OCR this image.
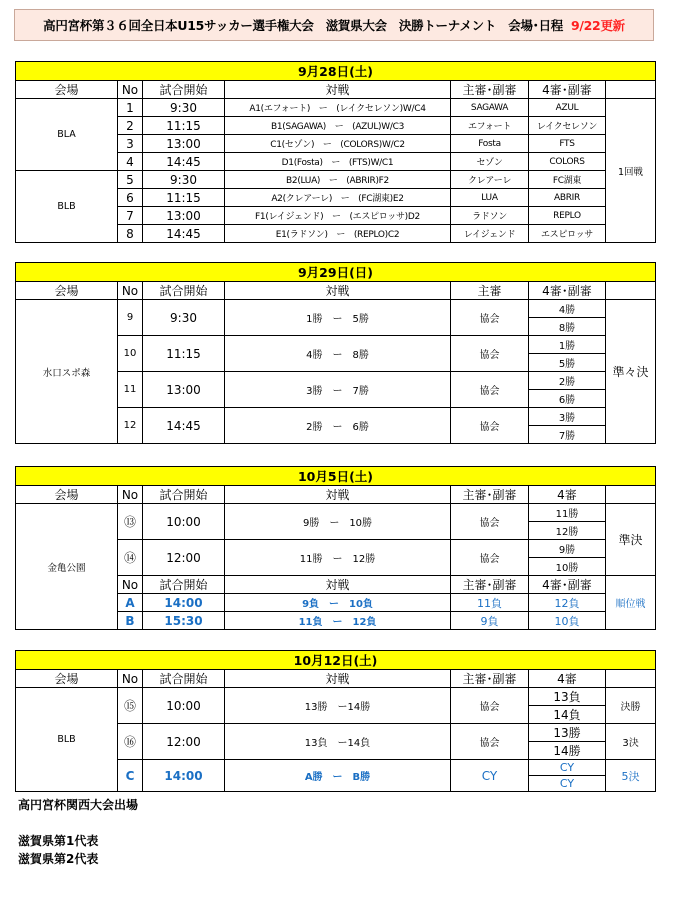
高円宮杯第３６回全日本U15サッカー選手権大会　滋賀県大会　決勝トーナメント　会場･日程 9/22更新
9月28日(土)						
会場	No	試合開始	対戦	主審･副審	4審･副審	
BLA	1	9:30	A1(エフォート)　ー　(レイクセレソン)W/C4	SAGAWA	AZUL	1回戦
	2	11:15	B1(SAGAWA)　ー　(AZUL)W/C3	エフォート	レイクセレソン	
	3	13:00	C1(セゾン)　ー　(COLORS)W/C2	Fosta	FTS	
	4	14:45	D1(Fosta)　ー　(FTS)W/C1	セゾン	COLORS	
BLB	5	9:30	B2(LUA)　ー　(ABRIR)F2	クレアーレ	FC湖東	
	6	11:15	A2(クレアーレ)　ー　(FC湖東)E2	LUA	ABRIR	
	7	13:00	F1(レイジェンド)　ー　(エスピロッサ)D2	ラドソン	REPLO	
	8	14:45	E1(ラドソン)　ー　(REPLO)C2	レイジェンド	エスピロッサ	
9月29日(日)						
会場	No	試合開始	対戦	主審	4審･副審	
水口スポ森	9	9:30	1勝　ー　5勝	協会	4勝	準々決
					8勝	
	10	11:15	4勝　ー　8勝	協会	1勝	
					5勝	
	11	13:00	3勝　ー　7勝	協会	2勝	
					6勝	
	12	14:45	2勝　ー　6勝	協会	3勝	
					7勝	
10月5日(土)						
会場	No	試合開始	対戦	主審･副審	4審	
金亀公園	⑬	10:00	9勝　ー　10勝	協会	11勝	準決
					12勝	
	⑭	12:00	11勝　ー　12勝	協会	9勝	
					10勝	
	No	試合開始	対戦	主審･副審	4審･副審	順位戦
	A	14:00	9負　ー　10負	11負	12負	
	B	15:30	11負　ー　12負	9負	10負	
10月12日(土)						
会場	No	試合開始	対戦	主審･副審	4審	
BLB	⑮	10:00	13勝　ー14勝	協会	13負	決勝
					14負	
	⑯	12:00	13負　ー14負	協会	13勝	3決
					14勝	
	C	14:00	A勝　ー　B勝	CY	CY	5決
					CY	
高円宮杯関西大会出場
滋賀県第1代表
滋賀県第2代表
